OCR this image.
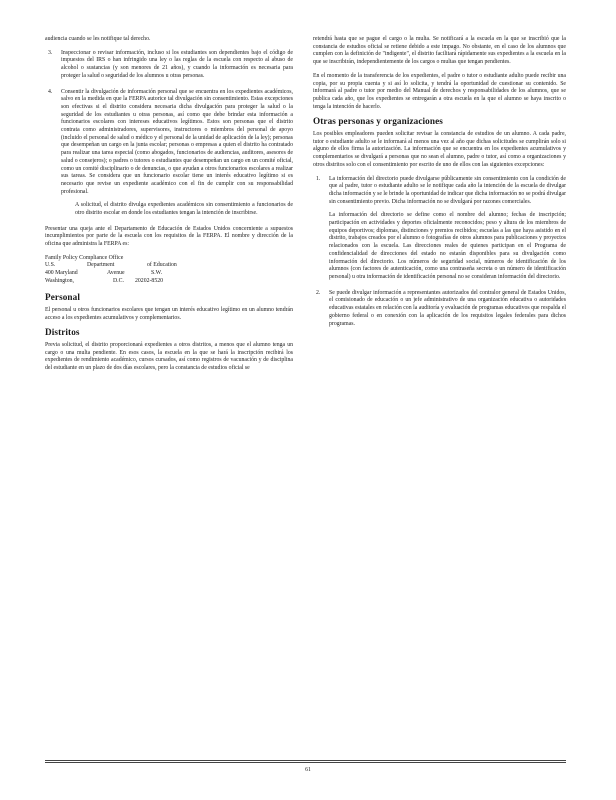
audiencia cuando se les notifique tal derecho.

3. Inspeccionar o revisar información, incluso si los estudiantes son dependientes bajo el código de impuestos del IRS o han infringido una ley o las reglas de la escuela con respecto al abuso de alcohol o sustancias (y son menores de 21 años), y cuando la información es necesaria para proteger la salud o seguridad de los alumnos u otras personas.
4. Consentir la divulgación de información personal que se encuentra en los expedientes académicos, salvo en la medida en que la FERPA autorice tal divulgación sin consentimiento. Estas excepciones son efectivas si el distrito considera necesaria dicha divulgación para proteger la salud o la seguridad de los estudiantes u otras personas, así como que debe brindar esta información a funcionarios escolares con intereses educativos legítimos. Estos son personas que el distrito contrata como administradores, supervisores, instructores o miembros del personal de apoyo (incluido el personal de salud o médico y el personal de la unidad de aplicación de la ley); personas que desempeñan un cargo en la junta escolar; personas o empresas a quien el distrito ha contratado para realizar una tarea especial (como abogados, funcionarios de audiencias, auditores, asesores de salud o consejeros); o padres o tutores o estudiantes que desempeñan un cargo en un comité oficial, como un comité disciplinario o de denuncias, o que ayudan a otros funcionarios escolares a realizar sus tareas. Se considera que un funcionario escolar tiene un interés educativo legítimo si es necesario que revise un expediente académico con el fin de cumplir con su responsabilidad profesional.

A solicitud, el distrito divulga expedientes académicos sin consentimiento a funcionarios de otro distrito escolar en donde los estudiantes tengan la intención de inscribirse.

Presentar una queja ante el Departamento de Educación de Estados Unidos concerniente a supuestos incumplimientos por parte de la escuela con los requisitos de la FERPA. El nombre y dirección de la oficina que administra la FERPA es:

Family Policy Compliance Office
U.S.	Department	of Education
400 Maryland	Avenue	S.W.
Washington,	D.C. 20202-8520
Personal

El personal u otros funcionarios escolares que tengan un interés educativo legítimo en un alumno tendrán acceso a los expedientes acumulativos y complementarios.

Distritos

Previa solicitud, el distrito proporcionará expedientes a otros distritos, a menos que el alumno tenga un cargo o una multa pendiente. En esos casos, la escuela en la que se hará la inscripción recibirá los expedientes de rendimiento académico, cursos cursados, así como registros de vacunación y de disciplina del estudiante en un plazo de dos días escolares, pero la constancia de estudios oficial se

retendrá hasta que se pague el cargo o la multa. Se notificará a la escuela en la que se inscribió que la constancia de estudios oficial se retiene debido a este impago. No obstante, en el caso de los alumnos que cumplen con la definición de "indigente", el distrito facilitará rápidamente sus expedientes a la escuela en la que se inscribirán, independientemente de los cargos o multas que tengan pendientes.

En el momento de la transferencia de los expedientes, el padre o tutor o estudiante adulto puede recibir una copia, por su propia cuenta y si así lo solicita, y tendrá la oportunidad de cuestionar su contenido. Se informará al padre o tutor por medio del Manual de derechos y responsabilidades de los alumnos, que se publica cada año, que los expedientes se entregarán a otra escuela en la que el alumno se haya inscrito o tenga la intención de hacerlo.

Otras personas y organizaciones

Los posibles empleadores pueden solicitar revisar la constancia de estudios de un alumno. A cada padre, tutor o estudiante adulto se le informará al menos una vez al año que dichas solicitudes se cumplirán solo si alguno de ellos firma la autorización. La información que se encuentra en los expedientes acumulativos y complementarios se divulgará a personas que no sean el alumno, padre o tutor, así como a organizaciones y otros distritos solo con el consentimiento por escrito de uno de ellos con las siguientes excepciones:

1. La información del directorio puede divulgarse públicamente sin consentimiento con la condición de que al padre, tutor o estudiante adulto se le notifique cada año la intención de la escuela de divulgar dicha información y se le brinde la oportunidad de indicar que dicha información no se podrá divulgar sin consentimiento previo. Dicha información no se divulgará por razones comerciales.

La información del directorio se define como el nombre del alumno; fechas de inscripción; participación en actividades y deportes oficialmente reconocidos; peso y altura de los miembros de equipos deportivos; diplomas, distinciones y premios recibidos; escuelas a las que haya asistido en el distrito, trabajos creados por el alumno o fotografías de otros alumnos para publicaciones y proyectos relacionados con la escuela. Las direcciones reales de quienes participan en el Programa de confidencialidad de direcciones del estado no estarán disponibles para su divulgación como información del directorio. Los números de seguridad social, números de identificación de los alumnos (con factores de autenticación, como una contraseña secreta o un número de identificación personal) u otra información de identificación personal no se consideran información del directorio.

2. Se puede divulgar información a representantes autorizados del contralor general de Estados Unidos, el comisionado de educación o un jefe administrativo de una organización educativa o autoridades educativas estatales en relación con la auditoría y evaluación de programas educativos que respalda el gobierno federal o en conexión con la aplicación de los requisitos legales federales para dichos programas.

61
